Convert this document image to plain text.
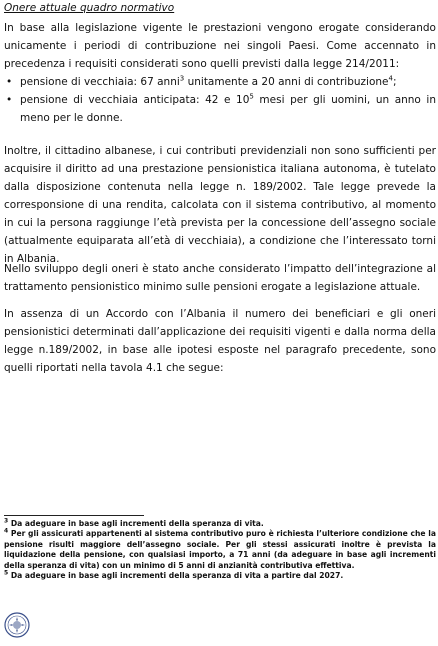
Onere attuale quadro normativo
In base alla legislazione vigente le prestazioni vengono erogate considerando unicamente i periodi di contribuzione nei singoli Paesi. Come accennato in precedenza i requisiti considerati sono quelli previsti dalla legge 214/2011:
• pensione di vecchiaia: 67 anni$^3$ unitamente a 20 anni di contribuzione$^4$;
• pensione di vecchiaia anticipata: 42 e $10^5$ mesi per gli uomini, un anno in meno per le donne.
Inoltre, il cittadino albanese, i cui contributi previdenziali non sono sufficienti per acquisire il diritto ad una prestazione pensionistica italiana autonoma, è tutelato dalla disposizione contenuta nella legge n. 189/2002. Tale legge prevede la corresponsione di una rendita, calcolata con il sistema contributivo, al momento in cui la persona raggiunge l’età prevista per la concessione dell’assegno sociale (attualmente equiparata all’età di vecchiaia), a condizione che l’interessato torni in Albania.
Nello sviluppo degli oneri è stato anche considerato l’impatto dell’integrazione al trattamento pensionistico minimo sulle pensioni erogate a legislazione attuale.
In assenza di un Accordo con l’Albania il numero dei beneficiari e gli oneri pensionistici determinati dall’applicazione dei requisiti vigenti e dalla norma della legge n.189/2002, in base alle ipotesi esposte nel paragrafo precedente, sono quelli riportati nella tavola 4.1 che segue:

$^3$ Da adeguare in base agli incrementi della speranza di vita.

$^4$ Per gli assicurati appartenenti al sistema contributivo puro è richiesta l’ulteriore condizione che la pensione risulti maggiore dell’assegno sociale. Per gli stessi assicurati inoltre è prevista la liquidazione della pensione, con qualsiasi importo, a 71 anni (da adeguare in base agli incrementi della speranza di vita) con un minimo di 5 anni di anzianità contributiva effettiva.

$^5$ Da adeguare in base agli incrementi della speranza di vita a partire dal 2027.
